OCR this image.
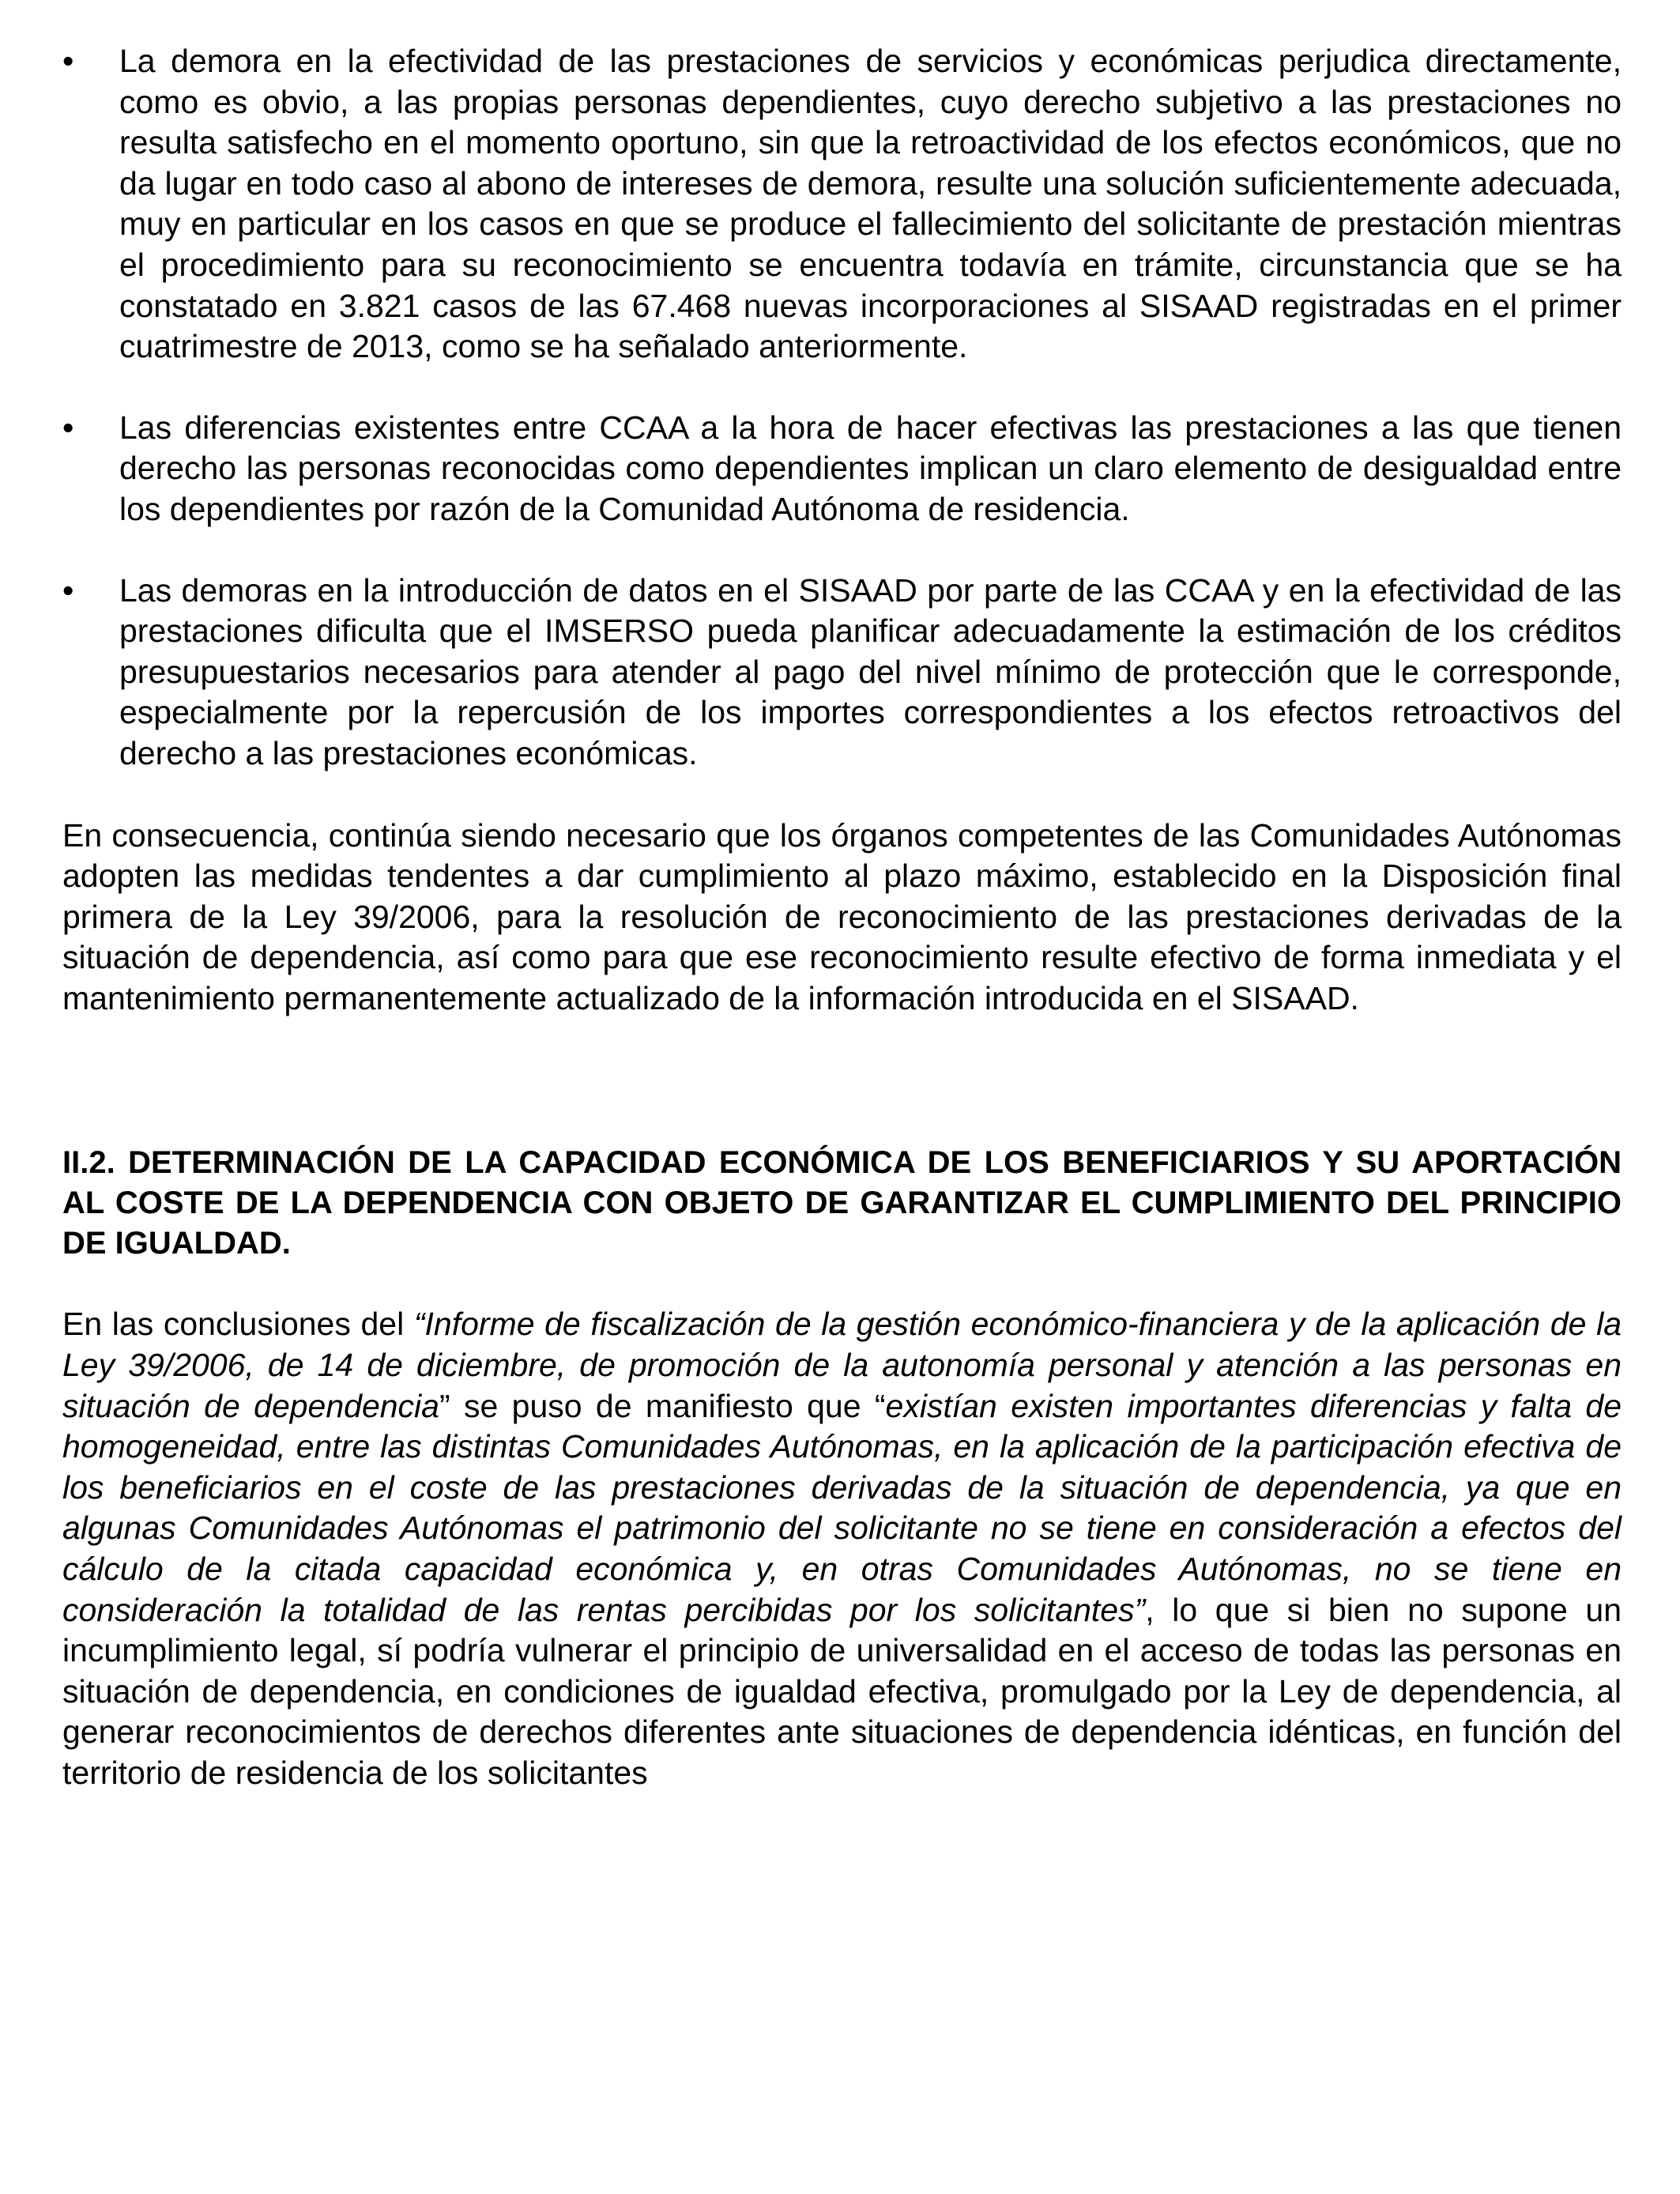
•	La demora en la efectividad de las prestaciones de servicios y económicas perjudica directamente, como es obvio, a las propias personas dependientes, cuyo derecho subjetivo a las prestaciones no resulta satisfecho en el momento oportuno, sin que la retroactividad de los efectos económicos, que no da lugar en todo caso al abono de intereses de demora, resulte una solución suficientemente adecuada, muy en particular en los casos en que se produce el fallecimiento del solicitante de prestación mientras el procedimiento para su reconocimiento se encuentra todavía en trámite, circunstancia que se ha constatado en 3.821 casos de las 67.468 nuevas incorporaciones al SISAAD registradas en el primer cuatrimestre de 2013, como se ha señalado anteriormente.

•	Las diferencias existentes entre CCAA a la hora de hacer efectivas las prestaciones a las que tienen derecho las personas reconocidas como dependientes implican un claro elemento de desigualdad entre los dependientes por razón de la Comunidad Autónoma de residencia.

•	Las demoras en la introducción de datos en el SISAAD por parte de las CCAA y en la efectividad de las prestaciones dificulta que el IMSERSO pueda planificar adecuadamente la estimación de los créditos presupuestarios necesarios para atender al pago del nivel mínimo de protección que le corresponde, especialmente por la repercusión de los importes correspondientes a los efectos retroactivos del derecho a las prestaciones económicas.

En consecuencia, continúa siendo necesario que los órganos competentes de las Comunidades Autónomas adopten las medidas tendentes a dar cumplimiento al plazo máximo, establecido en la Disposición final primera de la Ley 39/2006, para la resolución de reconocimiento de las prestaciones derivadas de la situación de dependencia, así como para que ese reconocimiento resulte efectivo de forma inmediata y el mantenimiento permanentemente actualizado de la información introducida en el SISAAD.

II.2. DETERMINACIÓN DE LA CAPACIDAD ECONÓMICA DE LOS BENEFICIARIOS Y SU APORTACIÓN AL COSTE DE LA DEPENDENCIA CON OBJETO DE GARANTIZAR EL CUMPLIMIENTO DEL PRINCIPIO DE IGUALDAD.

En las conclusiones del “Informe de fiscalización de la gestión económico-financiera y de la aplicación de la Ley 39/2006, de 14 de diciembre, de promoción de la autonomía personal y atención a las personas en situación de dependencia” se puso de manifiesto que “existían existen importantes diferencias y falta de homogeneidad, entre las distintas Comunidades Autónomas, en la aplicación de la participación efectiva de los beneficiarios en el coste de las prestaciones derivadas de la situación de dependencia, ya que en algunas Comunidades Autónomas el patrimonio del solicitante no se tiene en consideración a efectos del cálculo de la citada capacidad económica y, en otras Comunidades Autónomas, no se tiene en consideración la totalidad de las rentas percibidas por los solicitantes”, lo que si bien no supone un incumplimiento legal, sí podría vulnerar el principio de universalidad en el acceso de todas las personas en situación de dependencia, en condiciones de igualdad efectiva, promulgado por la Ley de dependencia, al generar reconocimientos de derechos diferentes ante situaciones de dependencia idénticas, en función del territorio de residencia de los solicitantes
